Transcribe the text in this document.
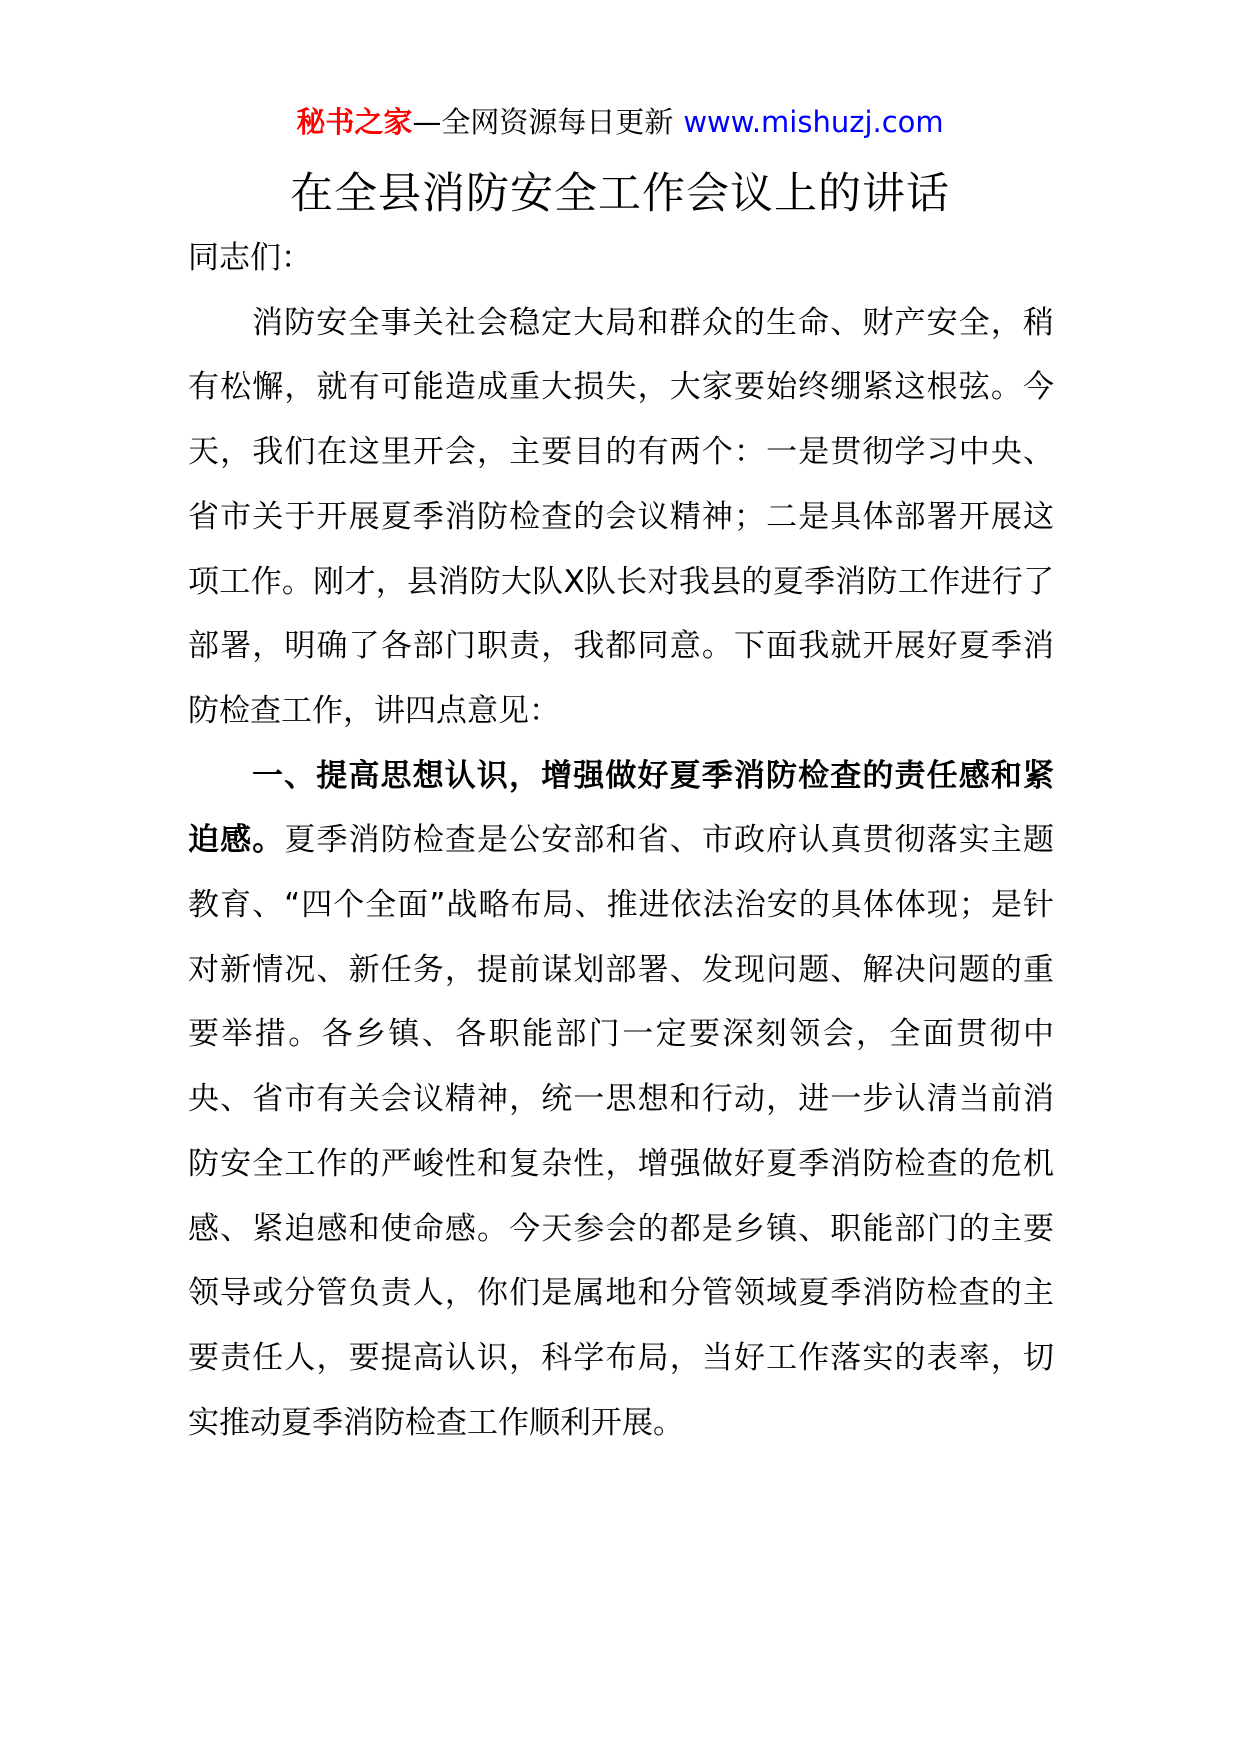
秘书之家—全网资源每日更新 www.mishuzj.com
在全县消防安全工作会议上的讲话

同志们：

消防安全事关社会稳定大局和群众的生命、财产安全，稍有松懈，就有可能造成重大损失，大家要始终绷紧这根弦。今天，我们在这里开会，主要目的有两个：一是贯彻学习中央、省市关于开展夏季消防检查的会议精神；二是具体部署开展这项工作。刚才，县消防大队X队长对我县的夏季消防工作进行了部署，明确了各部门职责，我都同意。下面我就开展好夏季消防检查工作，讲四点意见：

一、提高思想认识，增强做好夏季消防检查的责任感和紧迫感。夏季消防检查是公安部和省、市政府认真贯彻落实主题教育、“四个全面”战略布局、推进依法治安的具体体现；是针对新情况、新任务，提前谋划部署、发现问题、解决问题的重要举措。各乡镇、各职能部门一定要深刻领会，全面贯彻中央、省市有关会议精神，统一思想和行动，进一步认清当前消防安全工作的严峻性和复杂性，增强做好夏季消防检查的危机感、紧迫感和使命感。今天参会的都是乡镇、职能部门的主要领导或分管负责人，你们是属地和分管领域夏季消防检查的主要责任人，要提高认识，科学布局，当好工作落实的表率，切实推动夏季消防检查工作顺利开展。
